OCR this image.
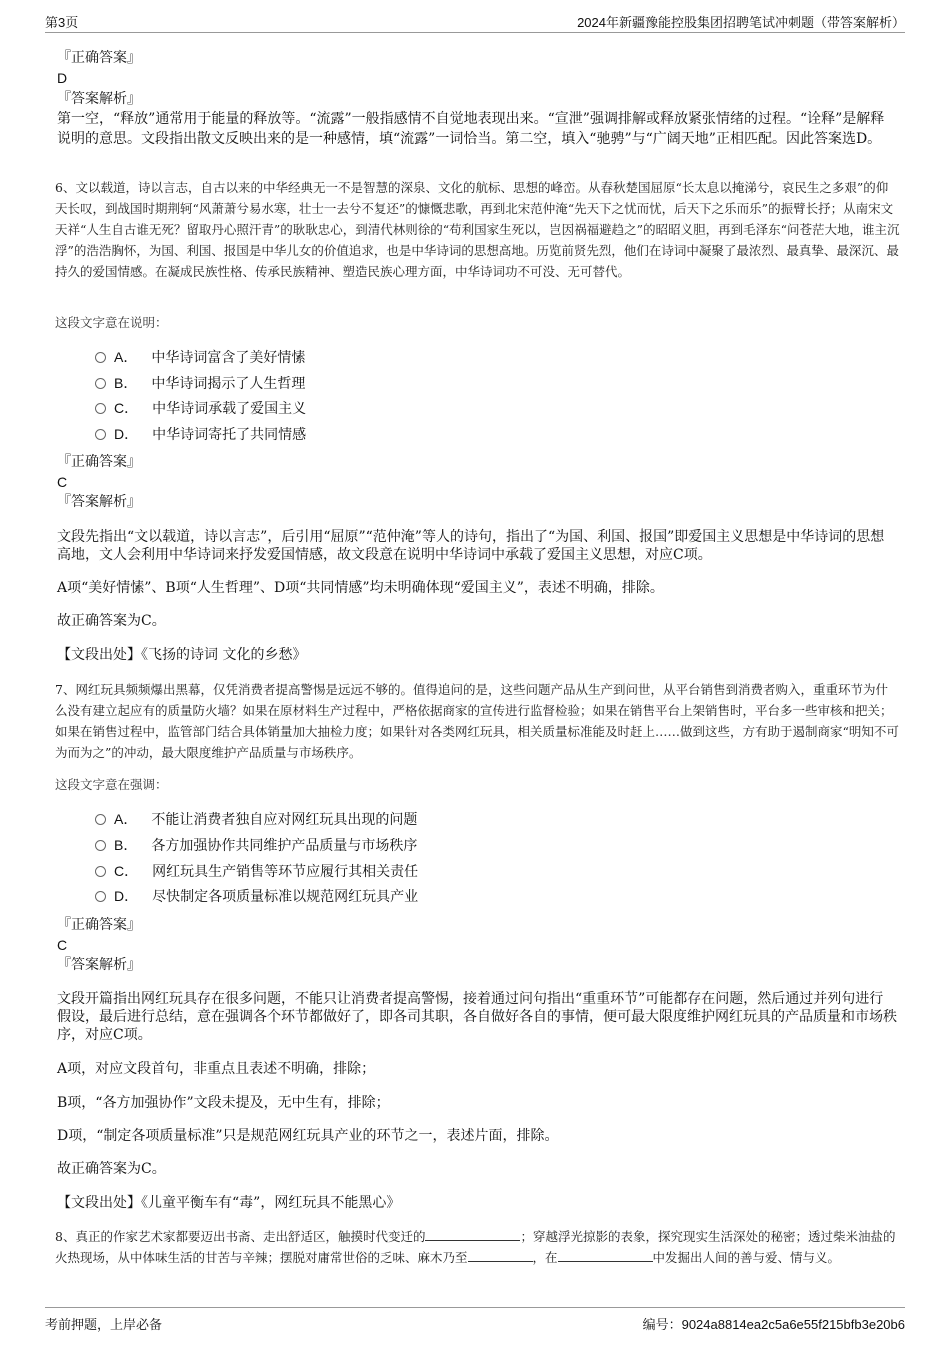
第3页	2024年新疆豫能控股集团招聘笔试冲刺题（带答案解析）
『正确答案』
D
『答案解析』
第一空，“释放”通常用于能量的释放等。“流露”一般指感情不自觉地表现出来。“宣泄”强调排解或释放紧张情绪的过程。“诠释”是解释说明的意思。文段指出散文反映出来的是一种感情，填“流露”一词恰当。第二空，填入“驰骋”与“广阔天地”正相匹配。因此答案选D。
6、文以载道，诗以言志，自古以来的中华经典无一不是智慧的深泉、文化的航标、思想的峰峦。从春秋楚国屈原“长太息以掩涕兮，哀民生之多艰”的仰天长叹，到战国时期荆轲“风萧萧兮易水寒，壮士一去兮不复还”的慷慨悲歌，再到北宋范仲淹“先天下之忧而忧，后天下之乐而乐”的振臂长抒；从南宋文天祥“人生自古谁无死？留取丹心照汗青”的耿耿忠心，到清代林则徐的“苟利国家生死以，岂因祸福避趋之”的昭昭义胆，再到毛泽东“问苍茫大地，谁主沉浮”的浩浩胸怀，为国、利国、报国是中华儿女的价值追求，也是中华诗词的思想高地。历览前贤先烈，他们在诗词中凝聚了最浓烈、最真挚、最深沉、最持久的爱国情感。在凝成民族性格、传承民族精神、塑造民族心理方面，中华诗词功不可没、无可替代。
这段文字意在说明：
A． 中华诗词富含了美好情愫
B． 中华诗词揭示了人生哲理
C． 中华诗词承载了爱国主义
D． 中华诗词寄托了共同情感
『正确答案』
C
『答案解析』
文段先指出“文以载道，诗以言志”，后引用“屈原”“范仲淹”等人的诗句，指出了“为国、利国、报国”即爱国主义思想是中华诗词的思想高地，文人会利用中华诗词来抒发爱国情感，故文段意在说明中华诗词中承载了爱国主义思想，对应C项。
A项“美好情愫”、B项“人生哲理”、D项“共同情感”均未明确体现“爱国主义”，表述不明确，排除。
故正确答案为C。
【文段出处】《飞扬的诗词 文化的乡愁》
7、网红玩具频频爆出黑幕，仅凭消费者提高警惕是远远不够的。值得追问的是，这些问题产品从生产到问世，从平台销售到消费者购入，重重环节为什么没有建立起应有的质量防火墙？如果在原材料生产过程中，严格依据商家的宣传进行监督检验；如果在销售平台上架销售时，平台多一些审核和把关；如果在销售过程中，监管部门结合具体销量加大抽检力度；如果针对各类网红玩具，相关质量标准能及时赶上……做到这些，方有助于遏制商家“明知不可为而为之”的冲动，最大限度维护产品质量与市场秩序。
这段文字意在强调：
A． 不能让消费者独自应对网红玩具出现的问题
B． 各方加强协作共同维护产品质量与市场秩序
C． 网红玩具生产销售等环节应履行其相关责任
D． 尽快制定各项质量标准以规范网红玩具产业
『正确答案』
C
『答案解析』
文段开篇指出网红玩具存在很多问题，不能只让消费者提高警惕，接着通过问句指出“重重环节”可能都存在问题，然后通过并列句进行假设，最后进行总结，意在强调各个环节都做好了，即各司其职，各自做好各自的事情，便可最大限度维护网红玩具的产品质量和市场秩序，对应C项。
A项，对应文段首句，非重点且表述不明确，排除；
B项，“各方加强协作”文段未提及，无中生有，排除；
D项，“制定各项质量标准”只是规范网红玩具产业的环节之一，表述片面，排除。
故正确答案为C。
【文段出处】《儿童平衡车有“毒”，网红玩具不能黑心》
8、真正的作家艺术家都要迈出书斋、走出舒适区，触摸时代变迁的	；穿越浮光掠影的表象，探究现实生活深处的秘密；透过柴米油盐的火热现场，从中体味生活的甘苦与辛辣；摆脱对庸常世俗的乏味、麻木乃至	，在	中发掘出人间的善与爱、情与义。
考前押题，上岸必备	编号：9024a8814ea2c5a6e55f215bfb3e20b6
